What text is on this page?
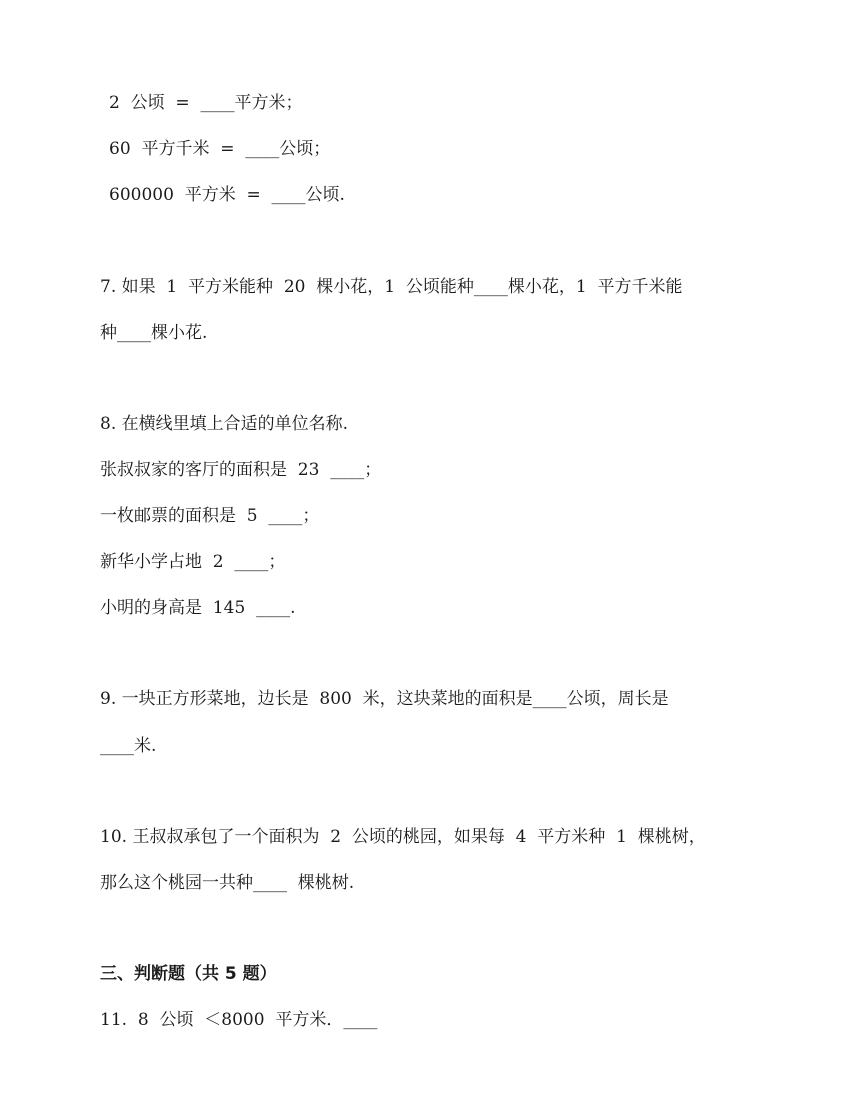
2  公顷  =  ____平方米；
60  平方千米  =  ____公顷；
600000  平方米  =  ____公顷.
7. 如果  1  平方米能种  20  棵小花，1  公顷能种____棵小花，1  平方千米能
种____棵小花.
8. 在横线里填上合适的单位名称.
张叔叔家的客厅的面积是  23  ____；
一枚邮票的面积是  5  ____；
新华小学占地  2  ____；
小明的身高是  145  ____.
9. 一块正方形菜地，边长是  800  米，这块菜地的面积是____公顷，周长是
____米.
10. 王叔叔承包了一个面积为  2  公顷的桃园，如果每  4  平方米种  1  棵桃树，
那么这个桃园一共种____  棵桃树.
三、判断题（共 5 题）
11.  8  公顷  ＜8000  平方米．____
